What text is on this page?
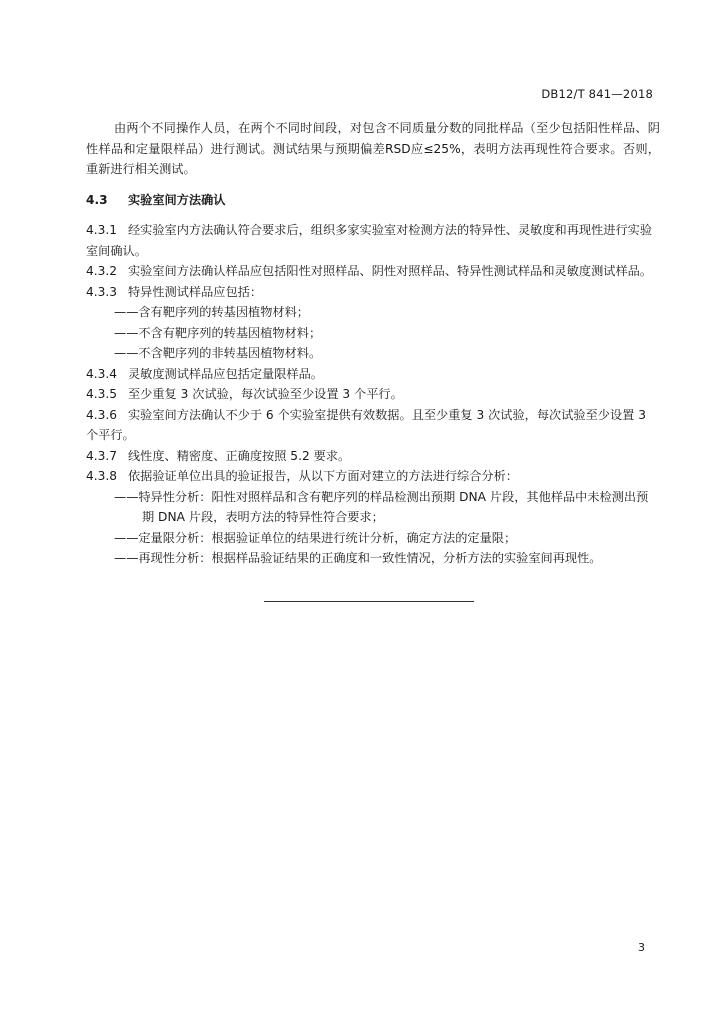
DB12/T 841—2018

由两个不同操作人员，在两个不同时间段，对包含不同质量分数的同批样品（至少包括阳性样品、阴性样品和定量限样品）进行测试。测试结果与预期偏差RSD应≤25%，表明方法再现性符合要求。否则，重新进行相关测试。

4.3 实验室间方法确认

4.3.1 经实验室内方法确认符合要求后，组织多家实验室对检测方法的特异性、灵敏度和再现性进行实验室间确认。

4.3.2 实验室间方法确认样品应包括阳性对照样品、阴性对照样品、特异性测试样品和灵敏度测试样品。

4.3.3 特异性测试样品应包括：

——含有靶序列的转基因植物材料；

——不含有靶序列的转基因植物材料；

——不含靶序列的非转基因植物材料。

4.3.4 灵敏度测试样品应包括定量限样品。

4.3.5 至少重复 3 次试验，每次试验至少设置 3 个平行。

4.3.6 实验室间方法确认不少于 6 个实验室提供有效数据。且至少重复 3 次试验，每次试验至少设置 3 个平行。

4.3.7 线性度、精密度、正确度按照 5.2 要求。

4.3.8 依据验证单位出具的验证报告，从以下方面对建立的方法进行综合分析：

——特异性分析：阳性对照样品和含有靶序列的样品检测出预期 DNA 片段，其他样品中未检测出预

期 DNA 片段，表明方法的特异性符合要求；

——定量限分析：根据验证单位的结果进行统计分析，确定方法的定量限；

——再现性分析：根据样品验证结果的正确度和一致性情况，分析方法的实验室间再现性。

3
